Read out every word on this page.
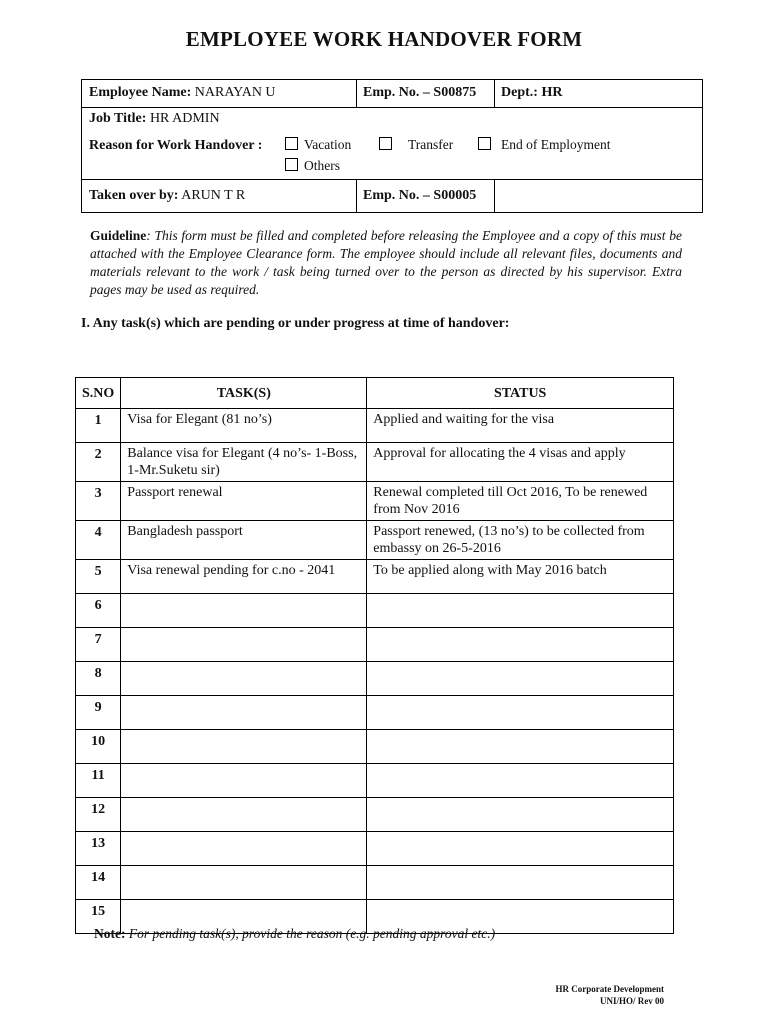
EMPLOYEE WORK HANDOVER FORM
Employee Name: NARAYAN U	Emp. No. – S00875 Dept.: HR
Job Title: HR ADMIN
Reason for Work Handover :	Vacation	Transfer	End of Employment
Others
Taken over by: ARUN T R	Emp. No. – S00005
Guideline: This form must be filled and completed before releasing the Employee and a copy of this must be attached with the Employee Clearance form. The employee should include all relevant files, documents and materials relevant to the work / task being turned over to the person as directed by his supervisor. Extra pages may be used as required.
I. Any task(s) which are pending or under progress at time of handover:
S.NO	TASK(S)	STATUS
1	Visa for Elegant (81 no’s)	Applied and waiting for the visa
2	Balance visa for Elegant (4 no’s- 1-Boss, 1-Mr.Suketu sir)	Approval for allocating the 4 visas and apply
3	Passport renewal	Renewal completed till Oct 2016, To be renewed from Nov 2016
4	Bangladesh passport	Passport renewed, (13 no’s) to be collected from embassy on 26-5-2016
5	Visa renewal pending for c.no - 2041	To be applied along with May 2016 batch
6		
7		
8		
9		
10		
11		
12		
13		
14		
15		
Note: For pending task(s), provide the reason (e.g. pending approval etc.)
HR Corporate Development
UNI/HO/ Rev 00
